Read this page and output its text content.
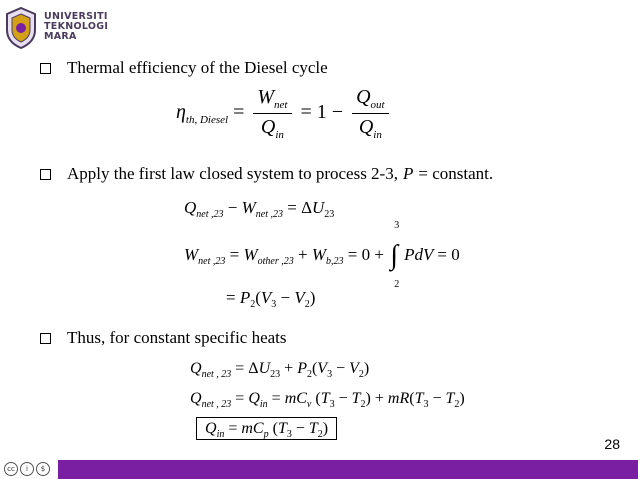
UNIVERSITI
TEKNOLOGI
MARA
Thermal efficiency of the Diesel cycle
$\eta_{th, Diesel} = \frac{W_{net}}{Q_{in}} = 1 - \frac{Q_{out}}{Q_{in}}$
Apply the first law closed system to process 2-3, P = constant.
$Q_{net ,23} - W_{net ,23} = \Delta U_{23}$
$W_{net ,23} = W_{other ,23} + W_{b,23} = 0$ + ∫
3
2
PdV = 0
= $P_2(V_3 - V_2)$
Thus, for constant specific heats
$Q_{net , 23} = \Delta U_{23} + P_2(V_3 - V_2)$
$Q_{net , 23} = Q_{in} = mC_v$ $(T_3 - T_2) + mR(T_3 - T_2)$
$Q_{in} = mC_p$ $(T_3 - T_2)$
28
cc	i	$
